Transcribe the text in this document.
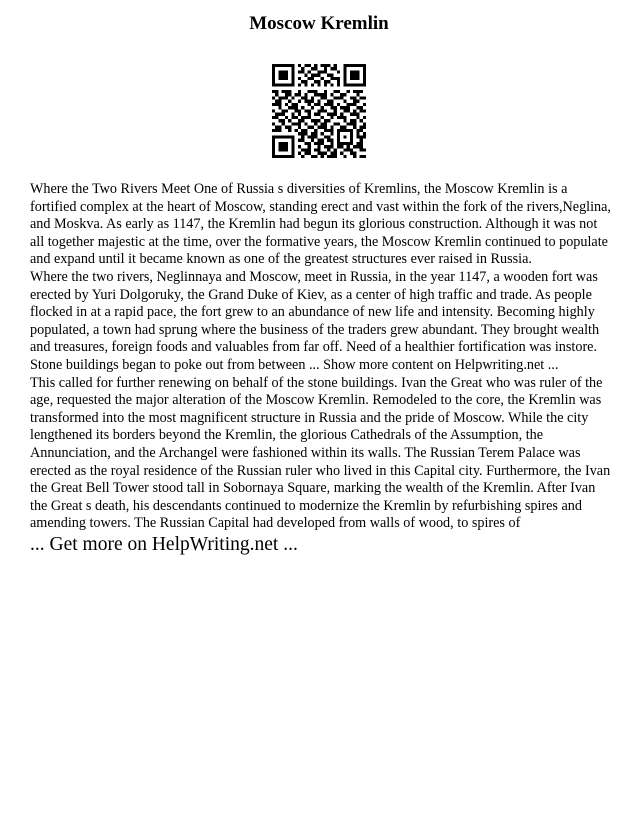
Moscow Kremlin

Where the Two Rivers Meet One of Russia s diversities of Kremlins, the Moscow Kremlin is a fortified complex at the heart of Moscow, standing erect and vast within the fork of the rivers,Neglina, and Moskva. As early as 1147, the Kremlin had begun its glorious construction. Although it was not all together majestic at the time, over the formative years, the Moscow Kremlin continued to populate and expand until it became known as one of the greatest structures ever raised in Russia.

Where the two rivers, Neglinnaya and Moscow, meet in Russia, in the year 1147, a wooden fort was erected by Yuri Dolgoruky, the Grand Duke of Kiev, as a center of high traffic and trade. As people flocked in at a rapid pace, the fort grew to an abundance of new life and intensity. Becoming highly populated, a town had sprung where the business of the traders grew abundant. They brought wealth and treasures, foreign foods and valuables from far off. Need of a healthier fortification was instore. Stone buildings began to poke out from between ... Show more content on Helpwriting.net ...

This called for further renewing on behalf of the stone buildings. Ivan the Great who was ruler of the age, requested the major alteration of the Moscow Kremlin. Remodeled to the core, the Kremlin was transformed into the most magnificent structure in Russia and the pride of Moscow. While the city lengthened its borders beyond the Kremlin, the glorious Cathedrals of the Assumption, the Annunciation, and the Archangel were fashioned within its walls. The Russian Terem Palace was erected as the royal residence of the Russian ruler who lived in this Capital city. Furthermore, the Ivan the Great Bell Tower stood tall in Sobornaya Square, marking the wealth of the Kremlin. After Ivan the Great s death, his descendants continued to modernize the Kremlin by refurbishing spires and amending towers. The Russian Capital had developed from walls of wood, to spires of

... Get more on HelpWriting.net ...
